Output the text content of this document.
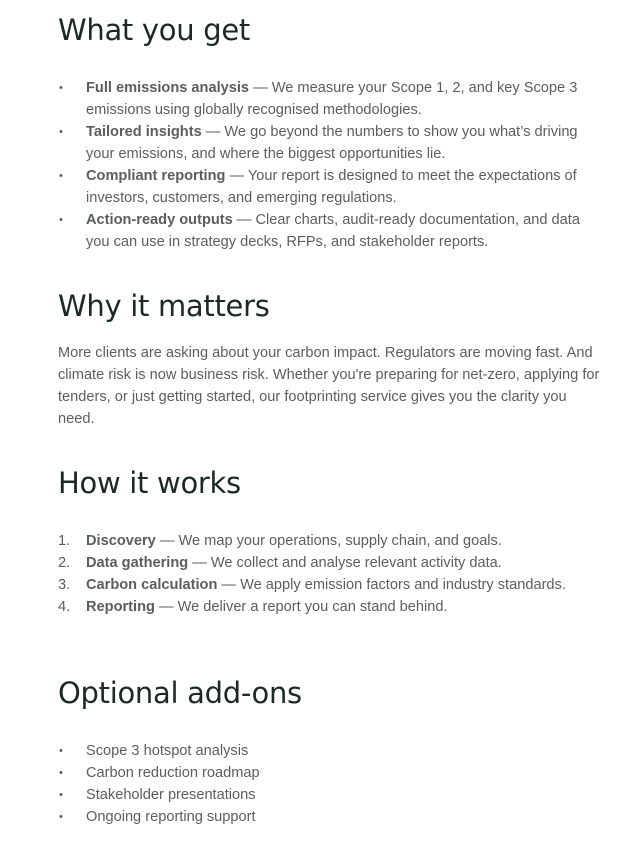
What you get
•	Full emissions analysis — We measure your Scope 1, 2, and key Scope 3 emissions using globally recognised methodologies.
•	Tailored insights — We go beyond the numbers to show you what’s driving your emissions, and where the biggest opportunities lie.
•	Compliant reporting — Your report is designed to meet the expectations of investors, customers, and emerging regulations.
•	Action-ready outputs — Clear charts, audit-ready documentation, and data you can use in strategy decks, RFPs, and stakeholder reports.
Why it matters

More clients are asking about your carbon impact. Regulators are moving fast. And climate risk is now business risk. Whether you're preparing for net-zero, applying for tenders, or just getting started, our footprinting service gives you the clarity you need.

How it works
1.	Discovery — We map your operations, supply chain, and goals.
2.	Data gathering — We collect and analyse relevant activity data.
3.	Carbon calculation — We apply emission factors and industry standards.
4.	Reporting — We deliver a report you can stand behind.
Optional add-ons
•	Scope 3 hotspot analysis
•	Carbon reduction roadmap
•	Stakeholder presentations
•	Ongoing reporting support
